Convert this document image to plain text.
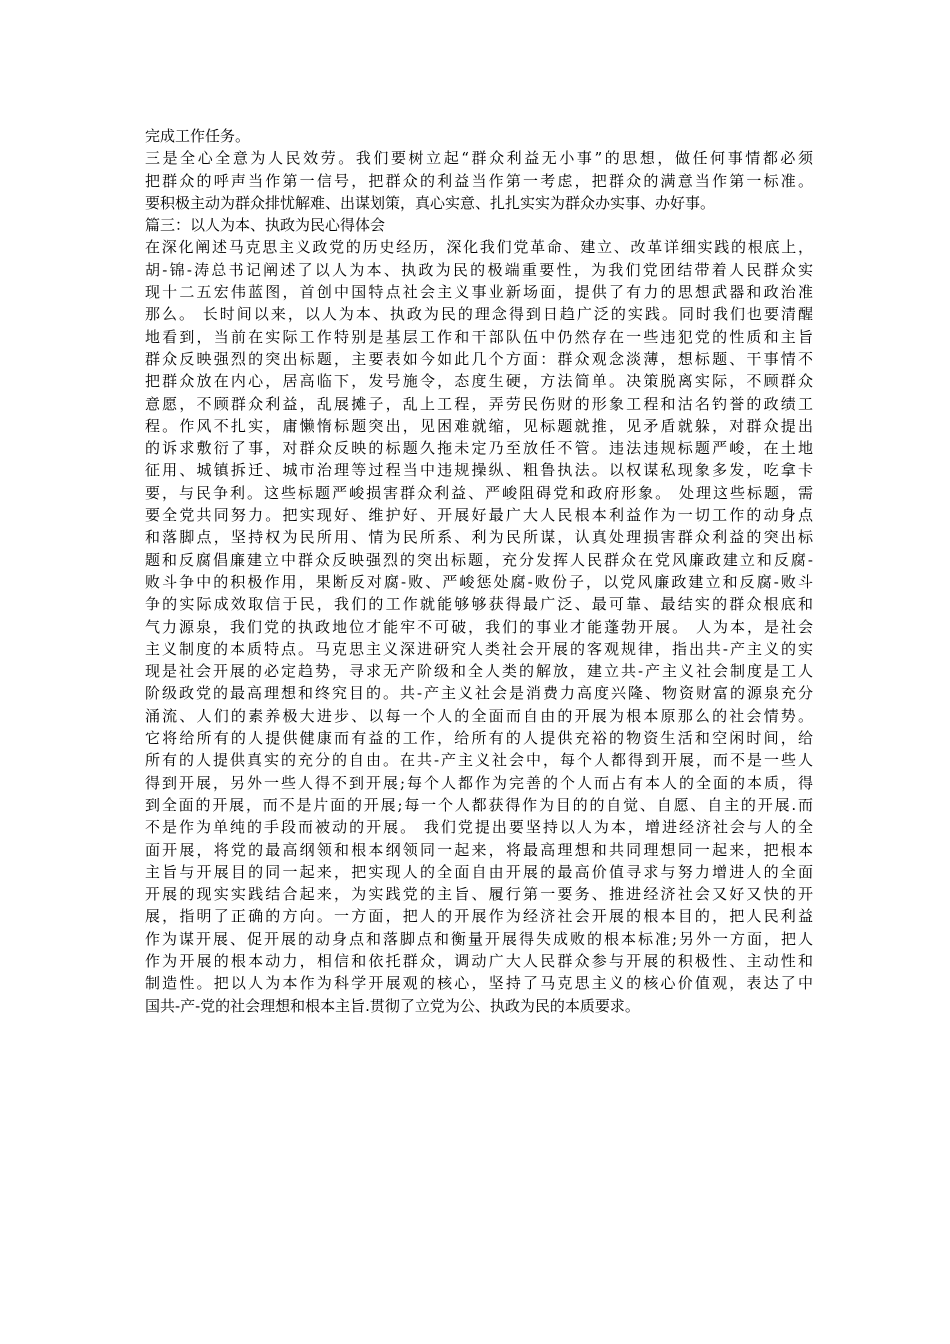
完成工作任务。
三是全心全意为人民效劳。我们要树立起“群众利益无小事”的思想，做任何事情都必须
把群众的呼声当作第一信号，把群众的利益当作第一考虑，把群众的满意当作第一标准。
要积极主动为群众排忧解难、出谋划策，真心实意、扎扎实实为群众办实事、办好事。
篇三：以人为本、执政为民心得体会
在深化阐述马克思主义政党的历史经历，深化我们党革命、建立、改革详细实践的根底上，
胡-锦-涛总书记阐述了以人为本、执政为民的极端重要性，为我们党团结带着人民群众实
现十二五宏伟蓝图，首创中国特点社会主义事业新场面，提供了有力的思想武器和政治准
那么。 长时间以来，以人为本、执政为民的理念得到日趋广泛的实践。同时我们也要清醒
地看到，当前在实际工作特别是基层工作和干部队伍中仍然存在一些违犯党的性质和主旨
群众反映强烈的突出标题，主要表如今如此几个方面：群众观念淡薄，想标题、干事情不
把群众放在内心，居高临下，发号施令，态度生硬，方法简单。决策脱离实际，不顾群众
意愿，不顾群众利益，乱展摊子，乱上工程，弄劳民伤财的形象工程和沽名钓誉的政绩工
程。作风不扎实，庸懒惰标题突出，见困难就缩，见标题就推，见矛盾就躲，对群众提出
的诉求敷衍了事，对群众反映的标题久拖未定乃至放任不管。违法违规标题严峻，在土地
征用、城镇拆迁、城市治理等过程当中违规操纵、粗鲁执法。以权谋私现象多发，吃拿卡
要，与民争利。这些标题严峻损害群众利益、严峻阻碍党和政府形象。 处理这些标题，需
要全党共同努力。把实现好、维护好、开展好最广大人民根本利益作为一切工作的动身点
和落脚点，坚持权为民所用、情为民所系、利为民所谋，认真处理损害群众利益的突出标
题和反腐倡廉建立中群众反映强烈的突出标题，充分发挥人民群众在党风廉政建立和反腐-
败斗争中的积极作用，果断反对腐-败、严峻惩处腐-败份子，以党风廉政建立和反腐-败斗
争的实际成效取信于民，我们的工作就能够够获得最广泛、最可靠、最结实的群众根底和
气力源泉，我们党的执政地位才能牢不可破，我们的事业才能蓬勃开展。 人为本，是社会
主义制度的本质特点。马克思主义深进研究人类社会开展的客观规律，指出共-产主义的实
现是社会开展的必定趋势，寻求无产阶级和全人类的解放，建立共-产主义社会制度是工人
阶级政党的最高理想和终究目的。共-产主义社会是消费力高度兴隆、物资财富的源泉充分
涌流、人们的素养极大进步、以每一个人的全面而自由的开展为根本原那么的社会情势。
它将给所有的人提供健康而有益的工作，给所有的人提供充裕的物资生活和空闲时间，给
所有的人提供真实的充分的自由。在共-产主义社会中，每个人都得到开展，而不是一些人
得到开展，另外一些人得不到开展;每个人都作为完善的个人而占有本人的全面的本质，得
到全面的开展，而不是片面的开展;每一个人都获得作为目的的自觉、自愿、自主的开展.而
不是作为单纯的手段而被动的开展。 我们党提出要坚持以人为本，增进经济社会与人的全
面开展，将党的最高纲领和根本纲领同一起来，将最高理想和共同理想同一起来，把根本
主旨与开展目的同一起来，把实现人的全面自由开展的最高价值寻求与努力增进人的全面
开展的现实实践结合起来，为实践党的主旨、履行第一要务、推进经济社会又好又快的开
展，指明了正确的方向。一方面，把人的开展作为经济社会开展的根本目的，把人民利益
作为谋开展、促开展的动身点和落脚点和衡量开展得失成败的根本标准;另外一方面，把人
作为开展的根本动力，相信和依托群众，调动广大人民群众参与开展的积极性、主动性和
制造性。把以人为本作为科学开展观的核心，坚持了马克思主义的核心价值观，表达了中
国共-产-党的社会理想和根本主旨.贯彻了立党为公、执政为民的本质要求。
